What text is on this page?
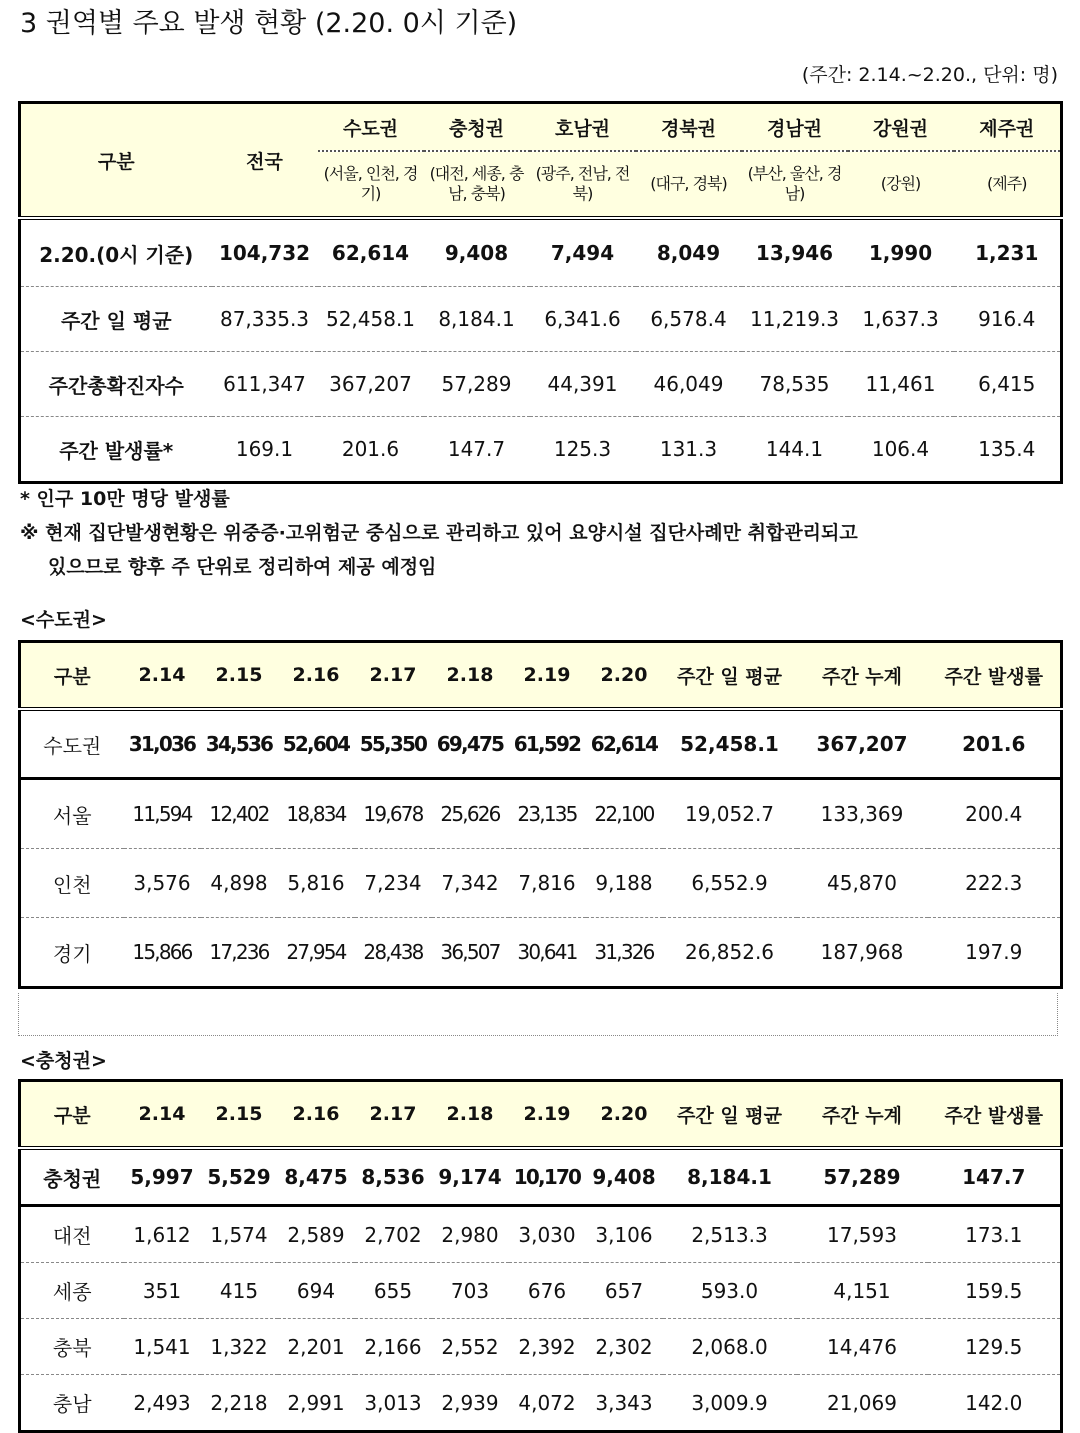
3 권역별 주요 발생 현황 (2.20. 0시 기준)
(주간: 2.14.~2.20., 단위: 명)
구분	전국	수도권	충청권	호남권	경북권	경남권	강원권	제주권
		(서울, 인천, 경기)	(대전, 세종, 충남, 충북)	(광주, 전남, 전북)	(대구, 경북)	(부산, 울산, 경남)	(강원)	(제주)
2.20.(0시 기준)	104,732	62,614	9,408	7,494	8,049	13,946	1,990	1,231
주간 일 평균	87,335.3	52,458.1	8,184.1	6,341.6	6,578.4	11,219.3	1,637.3	916.4
주간총확진자수	611,347	367,207	57,289	44,391	46,049	78,535	11,461	6,415
주간 발생률*	169.1	201.6	147.7	125.3	131.3	144.1	106.4	135.4
* 인구 10만 명당 발생률
※ 현재 집단발생현황은 위중증·고위험군 중심으로 관리하고 있어 요양시설 집단사례만 취합관리되고
있으므로 향후 주 단위로 정리하여 제공 예정임
<수도권>
구분	2.14	2.15	2.16	2.17	2.18	2.19	2.20	주간 일 평균	주간 누계	주간 발생률
수도권	31,036	34,536	52,604	55,350	69,475	61,592	62,614	52,458.1	367,207	201.6
서울	11,594	12,402	18,834	19,678	25,626	23,135	22,100	19,052.7	133,369	200.4
인천	3,576	4,898	5,816	7,234	7,342	7,816	9,188	6,552.9	45,870	222.3
경기	15,866	17,236	27,954	28,438	36,507	30,641	31,326	26,852.6	187,968	197.9
<충청권>
구분	2.14	2.15	2.16	2.17	2.18	2.19	2.20	주간 일 평균	주간 누계	주간 발생률
충청권	5,997	5,529	8,475	8,536	9,174	10,170	9,408	8,184.1	57,289	147.7
대전	1,612	1,574	2,589	2,702	2,980	3,030	3,106	2,513.3	17,593	173.1
세종	351	415	694	655	703	676	657	593.0	4,151	159.5
충북	1,541	1,322	2,201	2,166	2,552	2,392	2,302	2,068.0	14,476	129.5
충남	2,493	2,218	2,991	3,013	2,939	4,072	3,343	3,009.9	21,069	142.0
